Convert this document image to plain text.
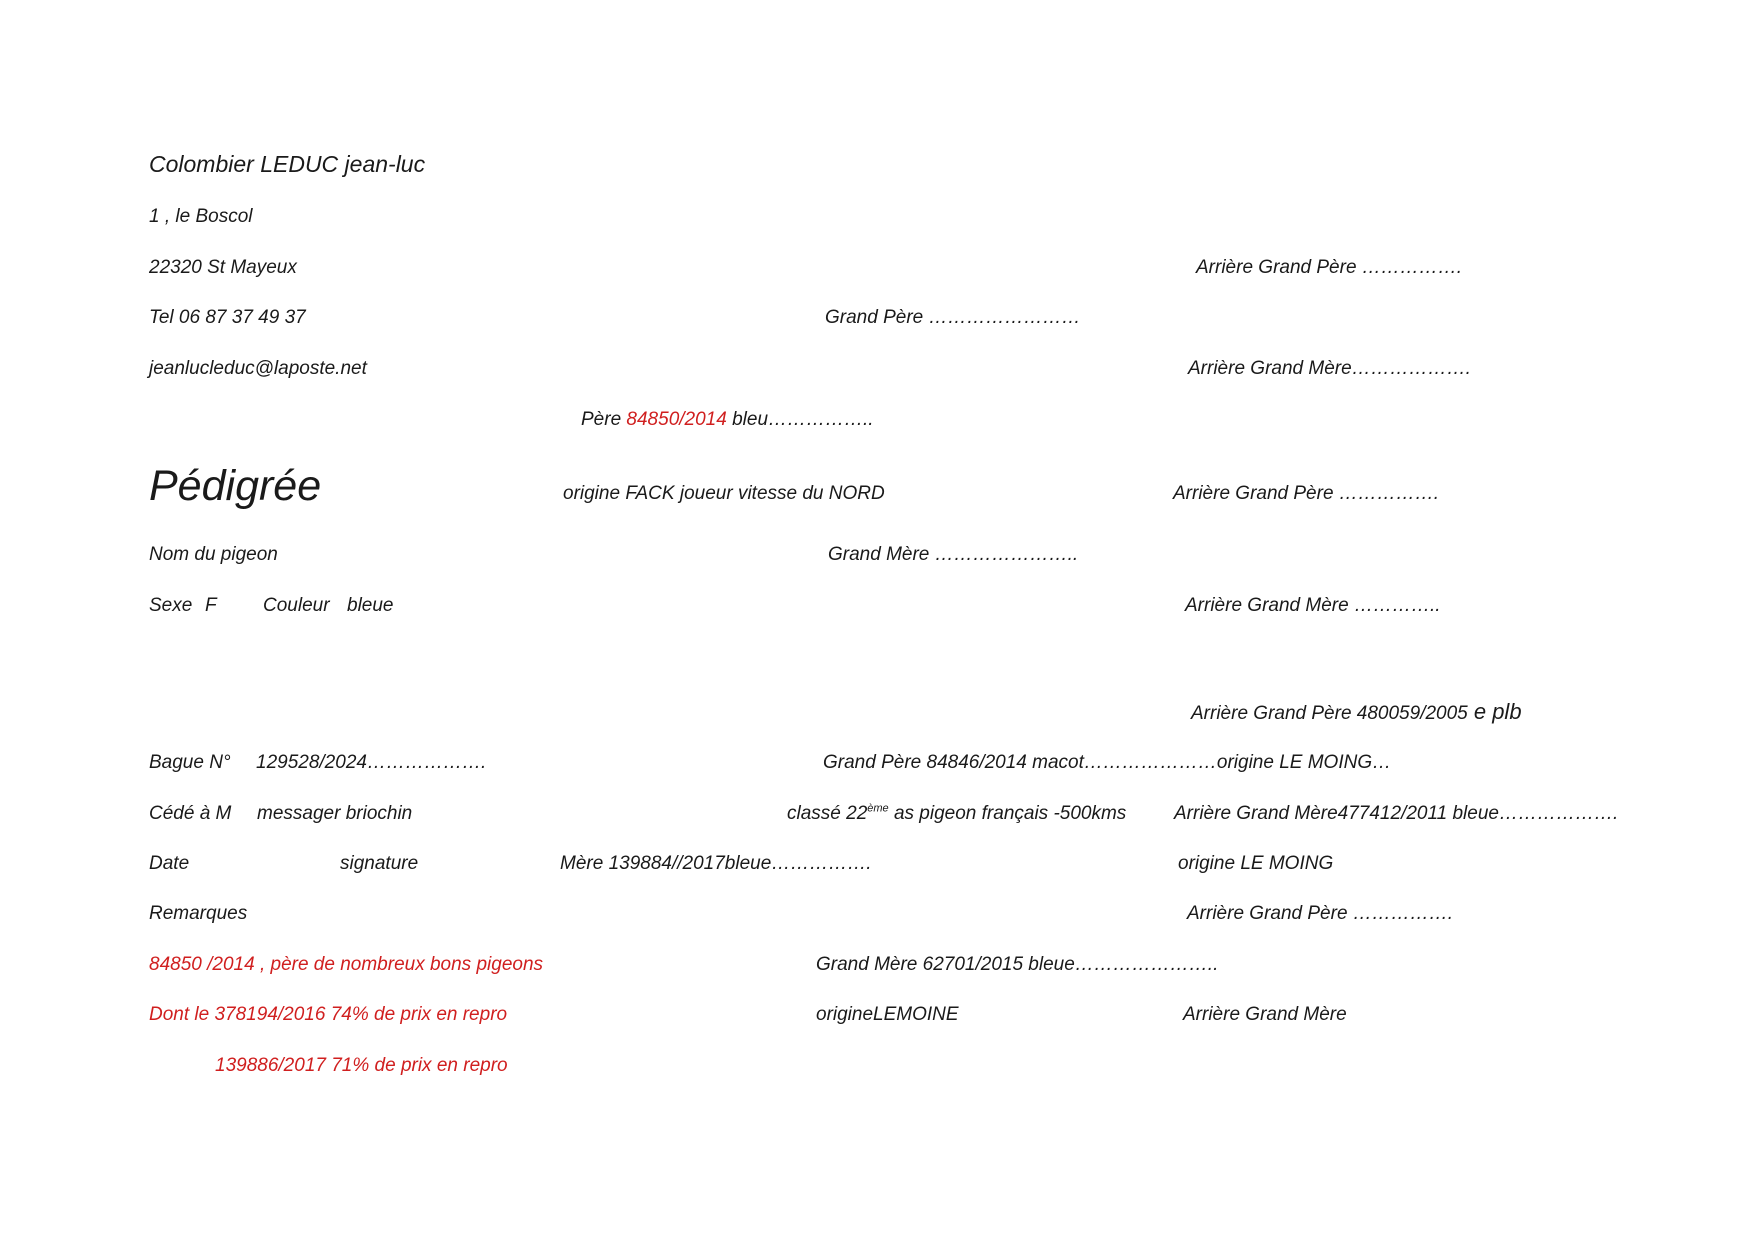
Colombier LEDUC jean-luc
1 , le Boscol
22320 St Mayeux
Tel 06 87 37 49 37
jeanlucleduc@laposte.net
Pédigrée
Nom du pigeon
Sexe F Couleur bleue
Bague N° 129528/2024……………….
Cédé à M messager briochin
Date	signature
Remarques
84850 /2014 , père de nombreux bons pigeons
Dont le 378194/2016 74% de prix en repro
139886/2017 71% de prix en repro
Père 84850/2014 bleu……………..
origine FACK joueur vitesse du NORD
Mère 139884//2017bleue…………….
Grand Père ……………………
Grand Mère …………………..
Grand Père 84846/2014 macot…………………origine LE MOING…
classé 22ème as pigeon français -500kms
Grand Mère 62701/2015 bleue…………………..
origineLEMOINE
Arrière Grand Père …………….
Arrière Grand Mère……………….
Arrière Grand Père …………….
Arrière Grand Mère …………..
Arrière Grand Père 480059/2005 e plb
Arrière Grand Mère477412/2011 bleue……………….
origine LE MOING
Arrière Grand Père …………….
Arrière Grand Mère
